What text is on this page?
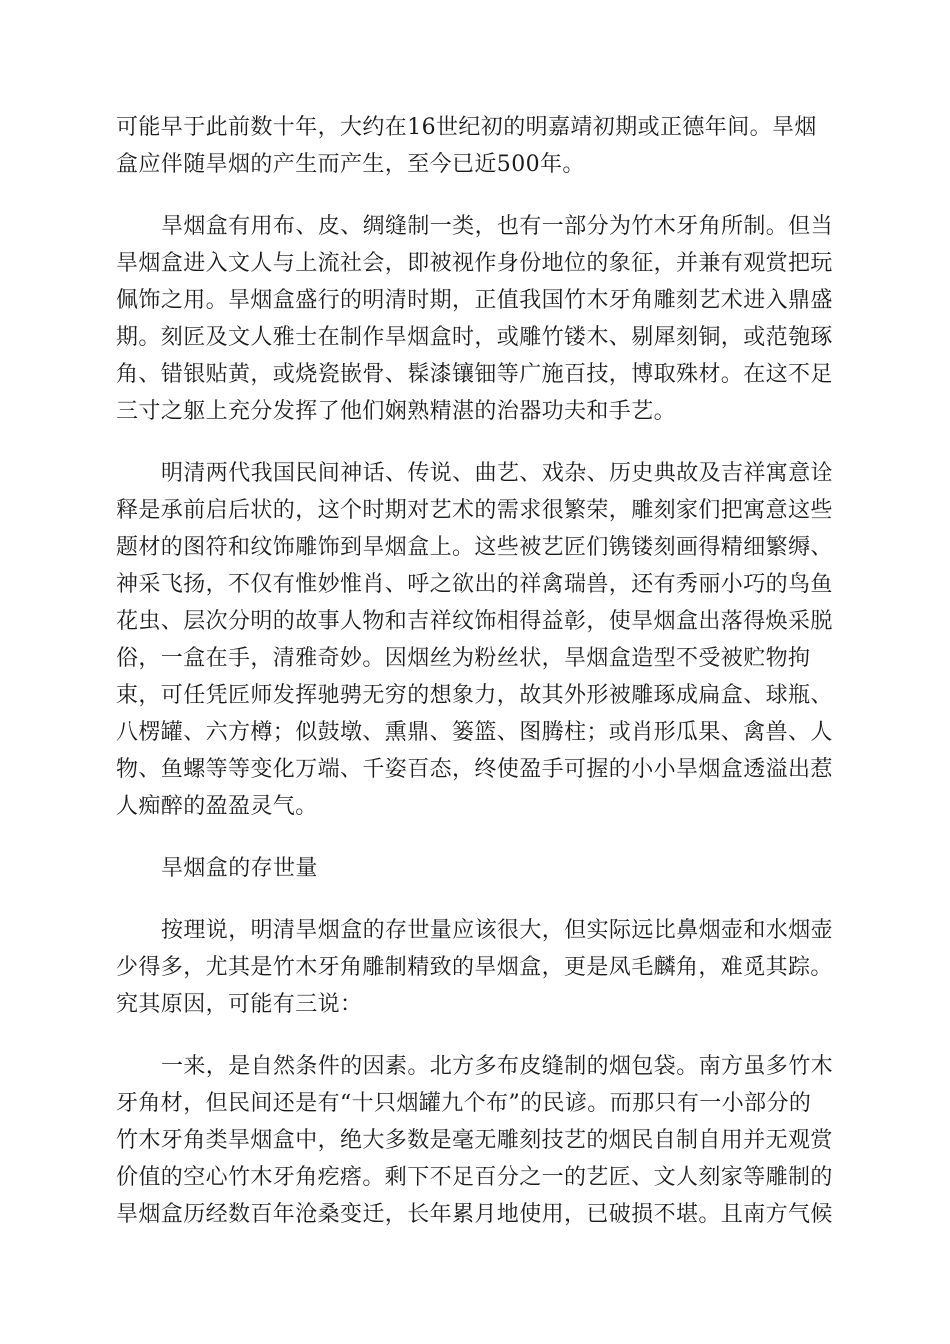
可能早于此前数十年，大约在16世纪初的明嘉靖初期或正德年间。旱烟
盒应伴随旱烟的产生而产生，至今已近500年。
旱烟盒有用布、皮、绸缝制一类，也有一部分为竹木牙角所制。但当
旱烟盒进入文人与上流社会，即被视作身份地位的象征，并兼有观赏把玩
佩饰之用。旱烟盒盛行的明清时期，正值我国竹木牙角雕刻艺术进入鼎盛
期。刻匠及文人雅士在制作旱烟盒时，或雕竹镂木、剔犀刻铜，或范匏琢
角、错银贴黄，或烧瓷嵌骨、髹漆镶钿等广施百技，博取殊材。在这不足
三寸之躯上充分发挥了他们娴熟精湛的治器功夫和手艺。
明清两代我国民间神话、传说、曲艺、戏杂、历史典故及吉祥寓意诠
释是承前启后状的，这个时期对艺术的需求很繁荣，雕刻家们把寓意这些
题材的图符和纹饰雕饰到旱烟盒上。这些被艺匠们镌镂刻画得精细繁缛、
神采飞扬，不仅有惟妙惟肖、呼之欲出的祥禽瑞兽，还有秀丽小巧的鸟鱼
花虫、层次分明的故事人物和吉祥纹饰相得益彰，使旱烟盒出落得焕采脱
俗，一盒在手，清雅奇妙。因烟丝为粉丝状，旱烟盒造型不受被贮物拘
束，可任凭匠师发挥驰骋无穷的想象力，故其外形被雕琢成扁盒、球瓶、
八楞罐、六方樽；似鼓墩、熏鼎、篓篮、图腾柱；或肖形瓜果、禽兽、人
物、鱼螺等等变化万端、千姿百态，终使盈手可握的小小旱烟盒透溢出惹
人痴醉的盈盈灵气。
旱烟盒的存世量
按理说，明清旱烟盒的存世量应该很大，但实际远比鼻烟壶和水烟壶
少得多，尤其是竹木牙角雕制精致的旱烟盒，更是凤毛麟角，难觅其踪。
究其原因，可能有三说：
一来，是自然条件的因素。北方多布皮缝制的烟包袋。南方虽多竹木
牙角材，但民间还是有“十只烟罐九个布”的民谚。而那只有一小部分的
竹木牙角类旱烟盒中，绝大多数是毫无雕刻技艺的烟民自制自用并无观赏
价值的空心竹木牙角疙瘩。剩下不足百分之一的艺匠、文人刻家等雕制的
旱烟盒历经数百年沧桑变迁，长年累月地使用，已破损不堪。且南方气候
